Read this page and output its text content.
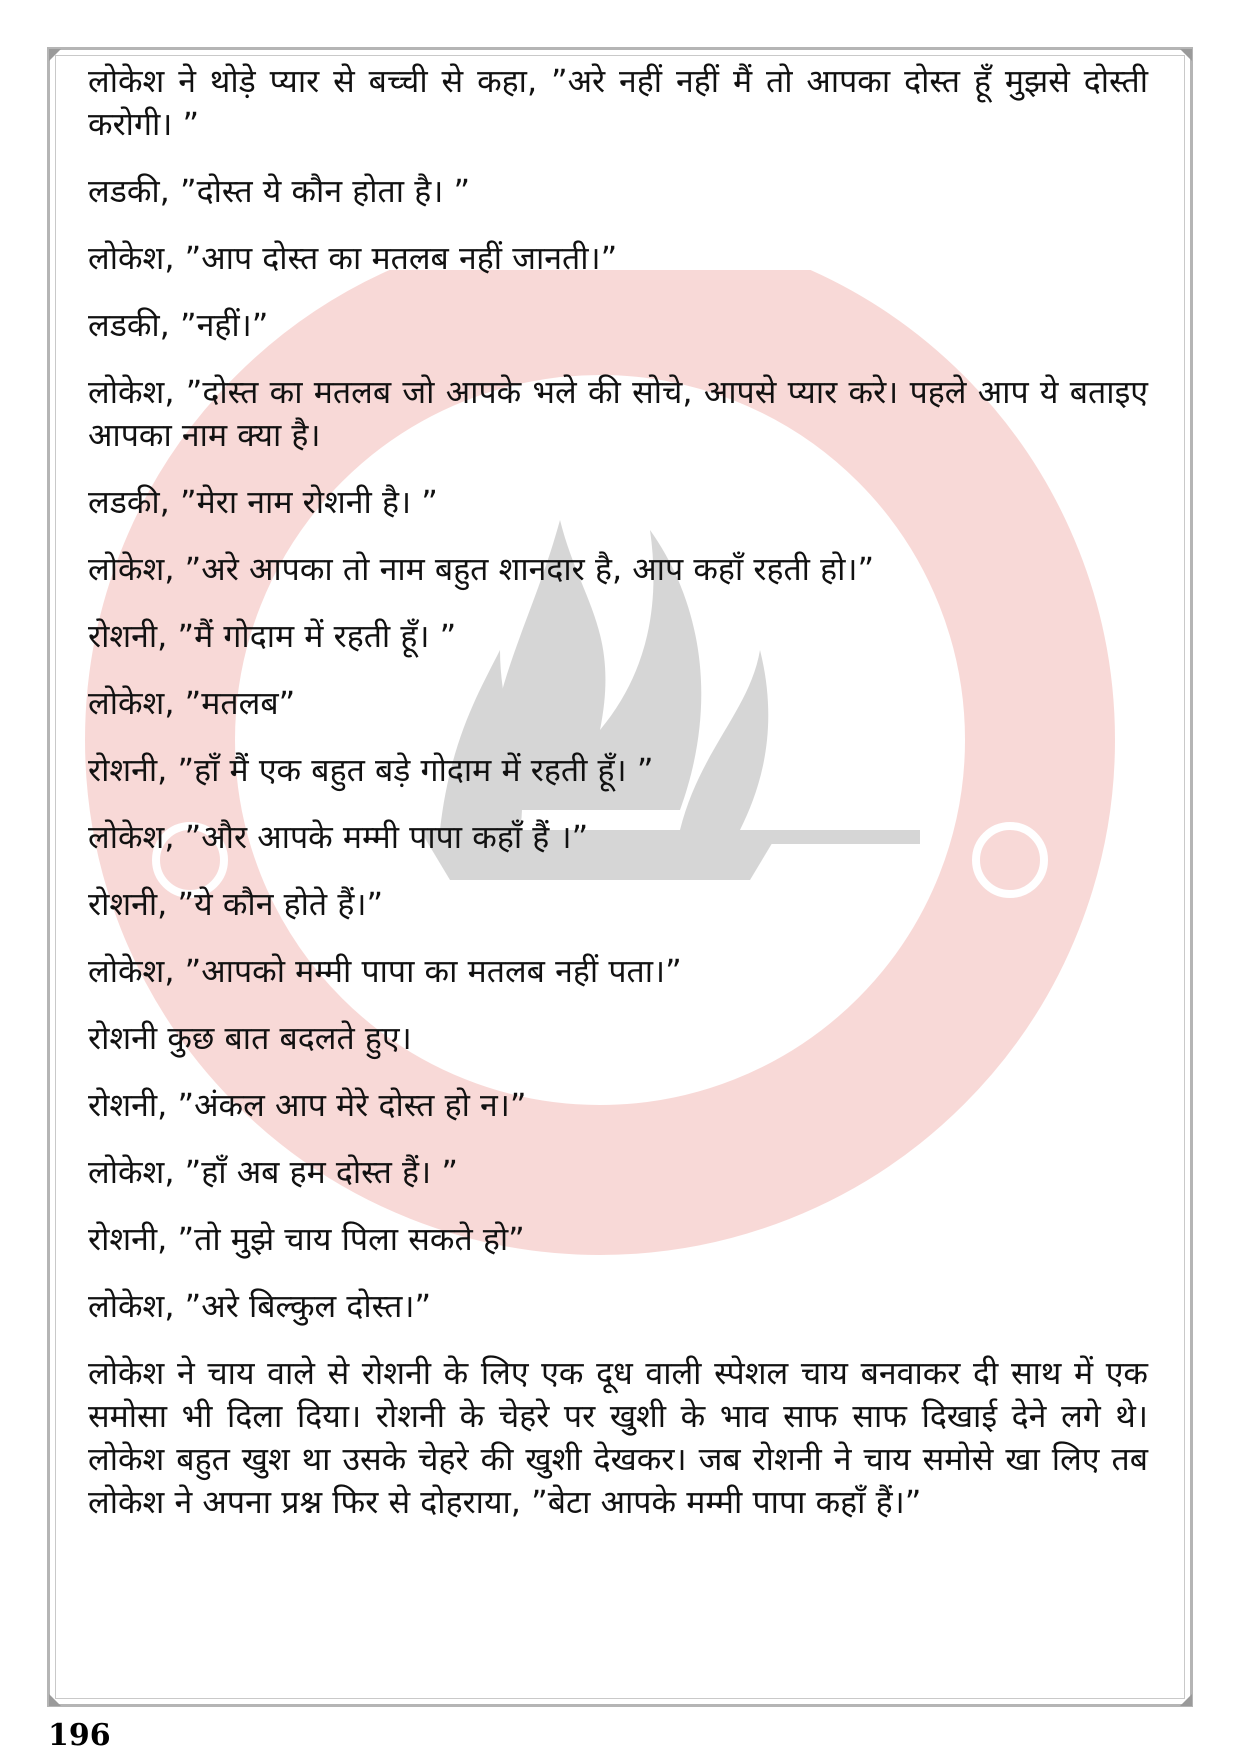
लोकेश ने थोड़े प्यार से बच्ची से कहा, ”अरे नहीं नहीं मैं तो आपका दोस्त हूँ मुझसे दोस्ती करोगी। ”

लडकी, ”दोस्त ये कौन होता है। ”

लोकेश, ”आप दोस्त का मतलब नहीं जानती।”

लडकी, ”नहीं।”

लोकेश, ”दोस्त का मतलब जो आपके भले की सोचे, आपसे प्यार करे। पहले आप ये बताइए आपका नाम क्या है।

लडकी, ”मेरा नाम रोशनी है। ”

लोकेश, ”अरे आपका तो नाम बहुत शानदार है, आप कहाँ रहती हो।”

रोशनी, ”मैं गोदाम में रहती हूँ। ”

लोकेश, ”मतलब”

रोशनी, ”हाँ मैं एक बहुत बड़े गोदाम में रहती हूँ। ”

लोकेश, ”और आपके मम्मी पापा कहाँ हैं ।”

रोशनी, ”ये कौन होते हैं।”

लोकेश, ”आपको मम्मी पापा का मतलब नहीं पता।”

रोशनी कुछ बात बदलते हुए।

रोशनी, ”अंकल आप मेरे दोस्त हो न।”

लोकेश, ”हाँ अब हम दोस्त हैं। ”

रोशनी, ”तो मुझे चाय पिला सकते हो”

लोकेश, ”अरे बिल्कुल दोस्त।”

लोकेश ने चाय वाले से रोशनी के लिए एक दूध वाली स्पेशल चाय बनवाकर दी साथ में एक समोसा भी दिला दिया। रोशनी के चेहरे पर खुशी के भाव साफ साफ दिखाई देने लगे थे। लोकेश बहुत खुश था उसके चेहरे की खुशी देखकर। जब रोशनी ने चाय समोसे खा लिए तब लोकेश ने अपना प्रश्न फिर से दोहराया, ”बेटा आपके मम्मी पापा कहाँ हैं।”

196
